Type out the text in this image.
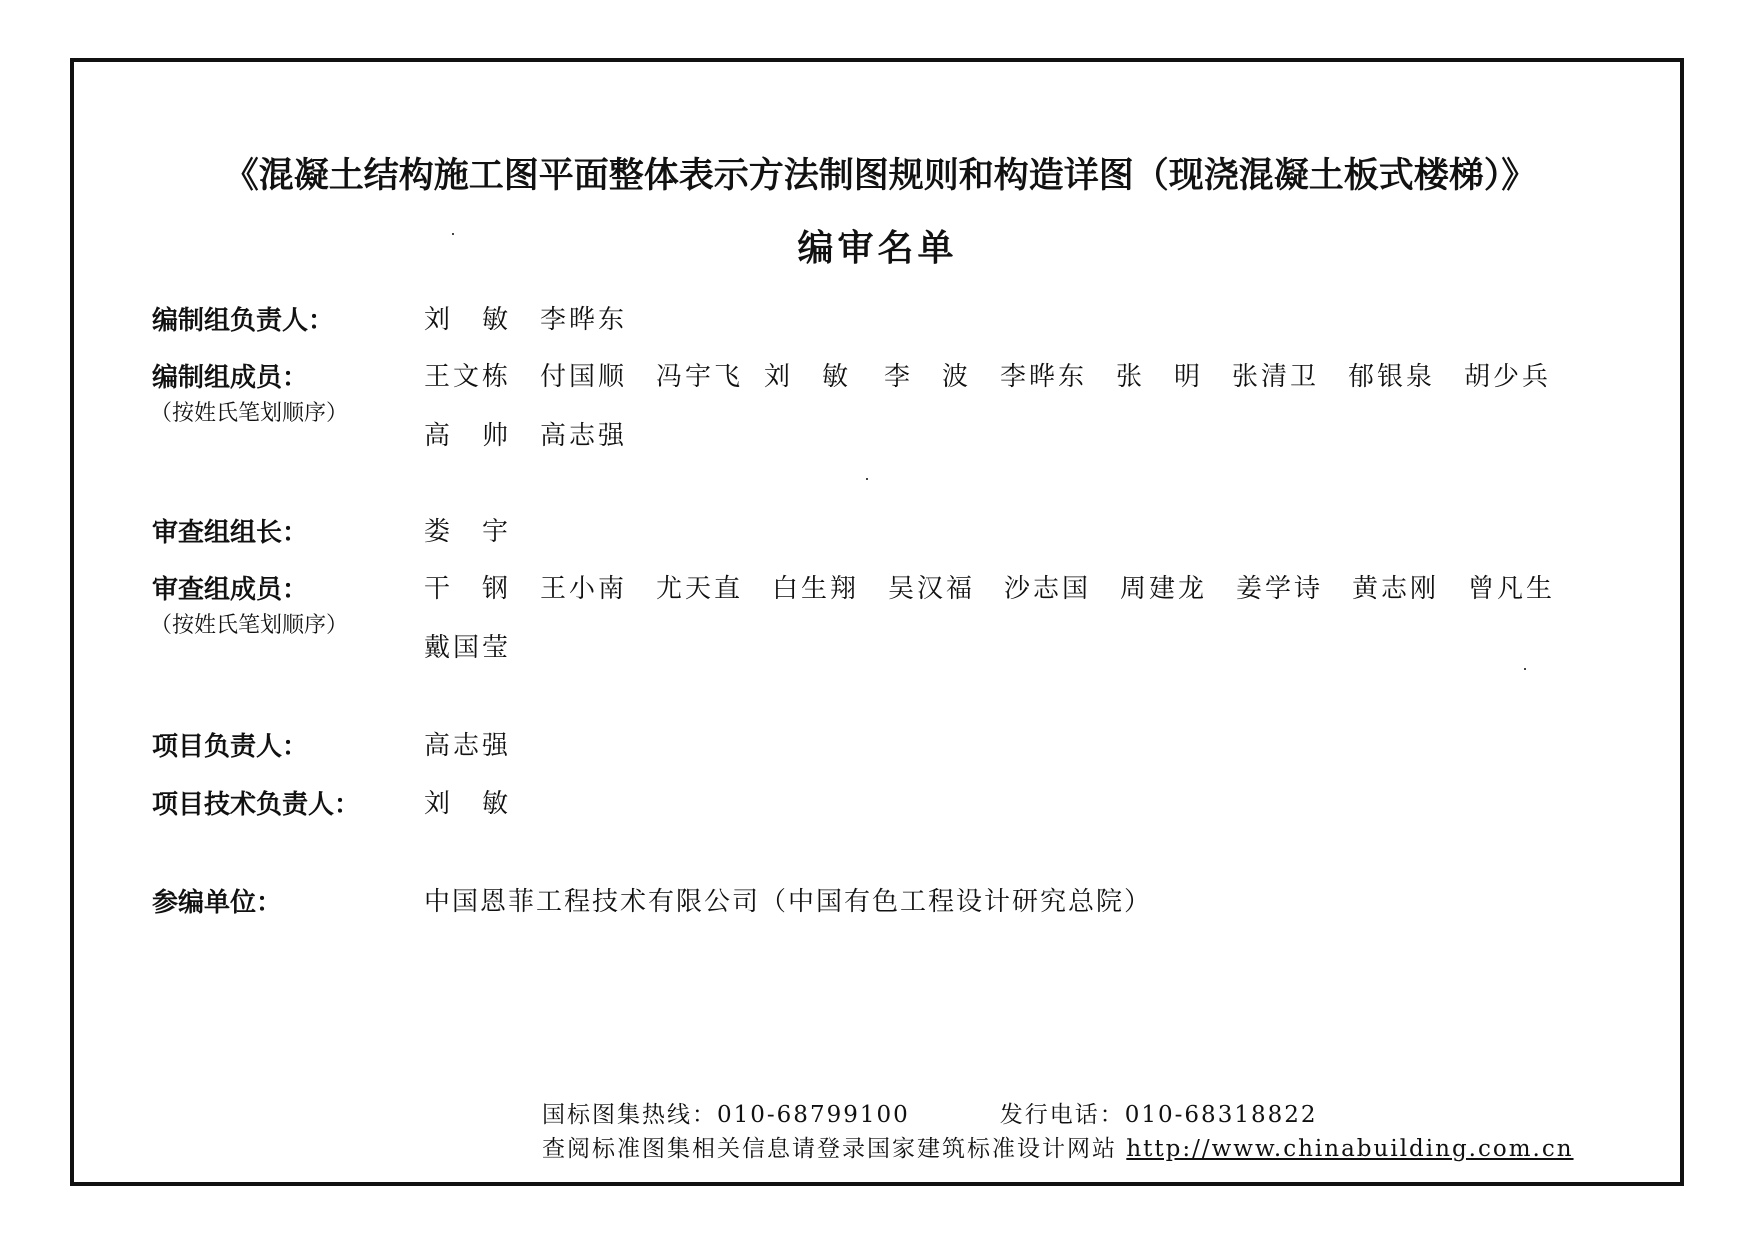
《混凝土结构施工图平面整体表示方法制图规则和构造详图（现浇混凝土板式楼梯）》
编审名单
编制组负责人：	刘　敏 李晔东
编制组成员：
（按姓氏笔划顺序）
王文栋 付国顺 冯宇飞 刘　敏 李　波 李晔东 张　明 张清卫 郁银泉 胡少兵
高　帅 高志强
审查组组长：	娄　宇
审查组成员：
（按姓氏笔划顺序）
干　钢 王小南 尤天直 白生翔 吴汉福 沙志国 周建龙 姜学诗 黄志刚 曾凡生
戴国莹
项目负责人：	高志强
项目技术负责人： 刘　敏
参编单位：	中国恩菲工程技术有限公司（中国有色工程设计研究总院）
国标图集热线：010-68799100	发行电话：010-68318822
查阅标准图集相关信息请登录国家建筑标准设计网站 http://www.chinabuilding.com.cn
